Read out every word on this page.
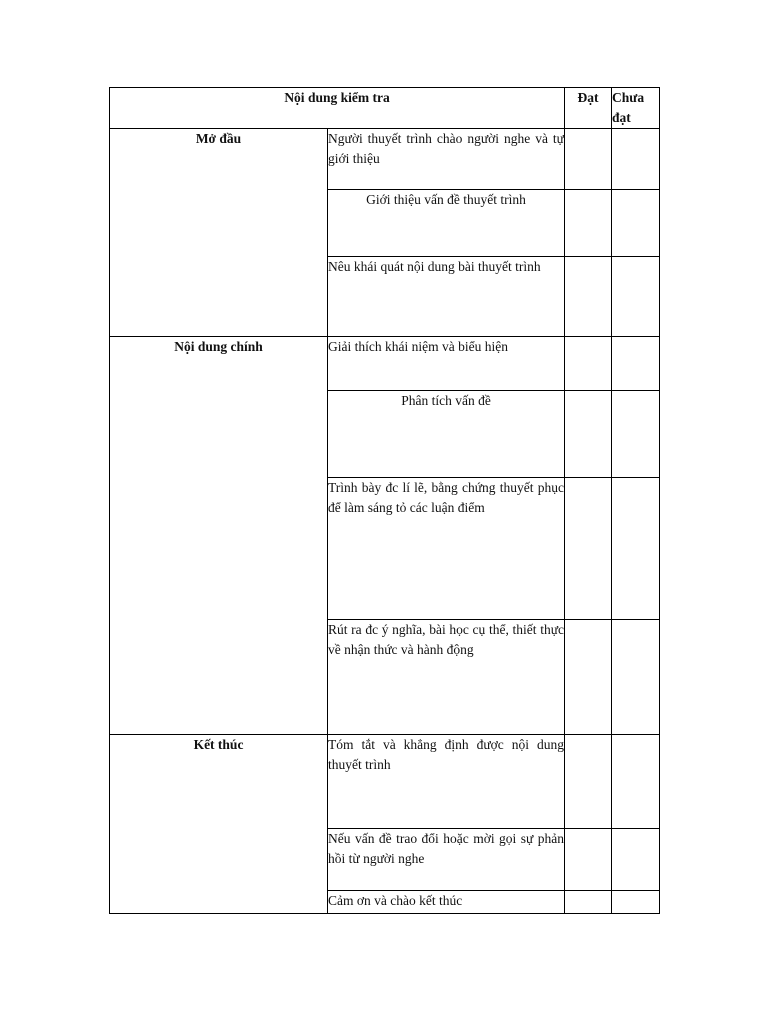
Nội dung kiểm tra		Đạt	Chưa đạt
Mở đầu	Người thuyết trình chào người nghe và tự giới thiệu		
	Giới thiệu vấn đề thuyết trình		
	Nêu khái quát nội dung bài thuyết trình		
Nội dung chính	Giải thích khái niệm và biểu hiện		
	Phân tích vấn đề		
	Trình bày đc lí lẽ, bằng chứng thuyết phục để làm sáng tỏ các luận điểm		
	Rút ra đc ý nghĩa, bài học cụ thể, thiết thực về nhận thức và hành động		
Kết thúc	Tóm tắt và khẳng định được nội dung thuyết trình		
	Nếu vấn đề trao đổi hoặc mời gọi sự phản hồi từ người nghe		
	Cảm ơn và chào kết thúc		
